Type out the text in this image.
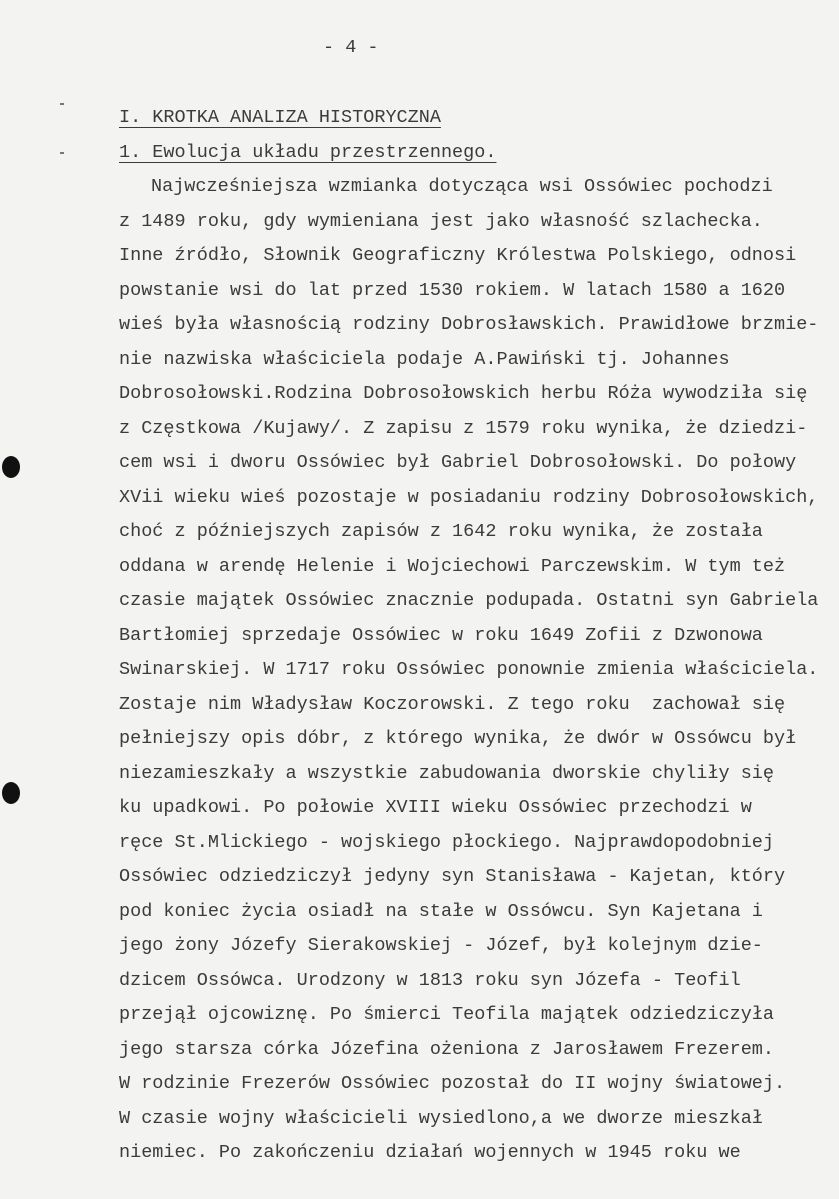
- 4 -
I. KROTKA ANALIZA HISTORYCZNA
1. Ewolucja układu przestrzennego.
Najwcześniejsza wzmianka dotycząca wsi Ossówiec pochodzi
z 1489 roku, gdy wymieniana jest jako własność szlachecka.
Inne źródło, Słownik Geograficzny Królestwa Polskiego, odnosi
powstanie wsi do lat przed 1530 rokiem. W latach 1580 a 1620
wieś była własnością rodziny Dobrosławskich. Prawidłowe brzmie-
nie nazwiska właściciela podaje A.Pawiński tj. Johannes
Dobrosołowski.Rodzina Dobrosołowskich herbu Róża wywodziła się
z Częstkowa /Kujawy/. Z zapisu z 1579 roku wynika, że dziedzi-
cem wsi i dworu Ossówiec był Gabriel Dobrosołowski. Do połowy
XVii wieku wieś pozostaje w posiadaniu rodziny Dobrosołowskich,
choć z późniejszych zapisów z 1642 roku wynika, że została
oddana w arendę Helenie i Wojciechowi Parczewskim. W tym też
czasie majątek Ossówiec znacznie podupada. Ostatni syn Gabriela
Bartłomiej sprzedaje Ossówiec w roku 1649 Zofii z Dzwonowa
Swinarskiej. W 1717 roku Ossówiec ponownie zmienia właściciela.
Zostaje nim Władysław Koczorowski. Z tego roku  zachował się
pełniejszy opis dóbr, z którego wynika, że dwór w Ossówcu był
niezamieszkały a wszystkie zabudowania dworskie chyliły się
ku upadkowi. Po połowie XVIII wieku Ossówiec przechodzi w
ręce St.Mlickiego - wojskiego płockiego. Najprawdopodobniej
Ossówiec odziedziczył jedyny syn Stanisława - Kajetan, który
pod koniec życia osiadł na stałe w Ossówcu. Syn Kajetana i
jego żony Józefy Sierakowskiej - Józef, był kolejnym dzie-
dzicem Ossówca. Urodzony w 1813 roku syn Józefa - Teofil
przejął ojcowiznę. Po śmierci Teofila majątek odziedziczyła
jego starsza córka Józefina ożeniona z Jarosławem Frezerem.
W rodzinie Frezerów Ossówiec pozostał do II wojny światowej.
W czasie wojny właścicieli wysiedlono,a we dworze mieszkał
niemiec. Po zakończeniu działań wojennych w 1945 roku we
